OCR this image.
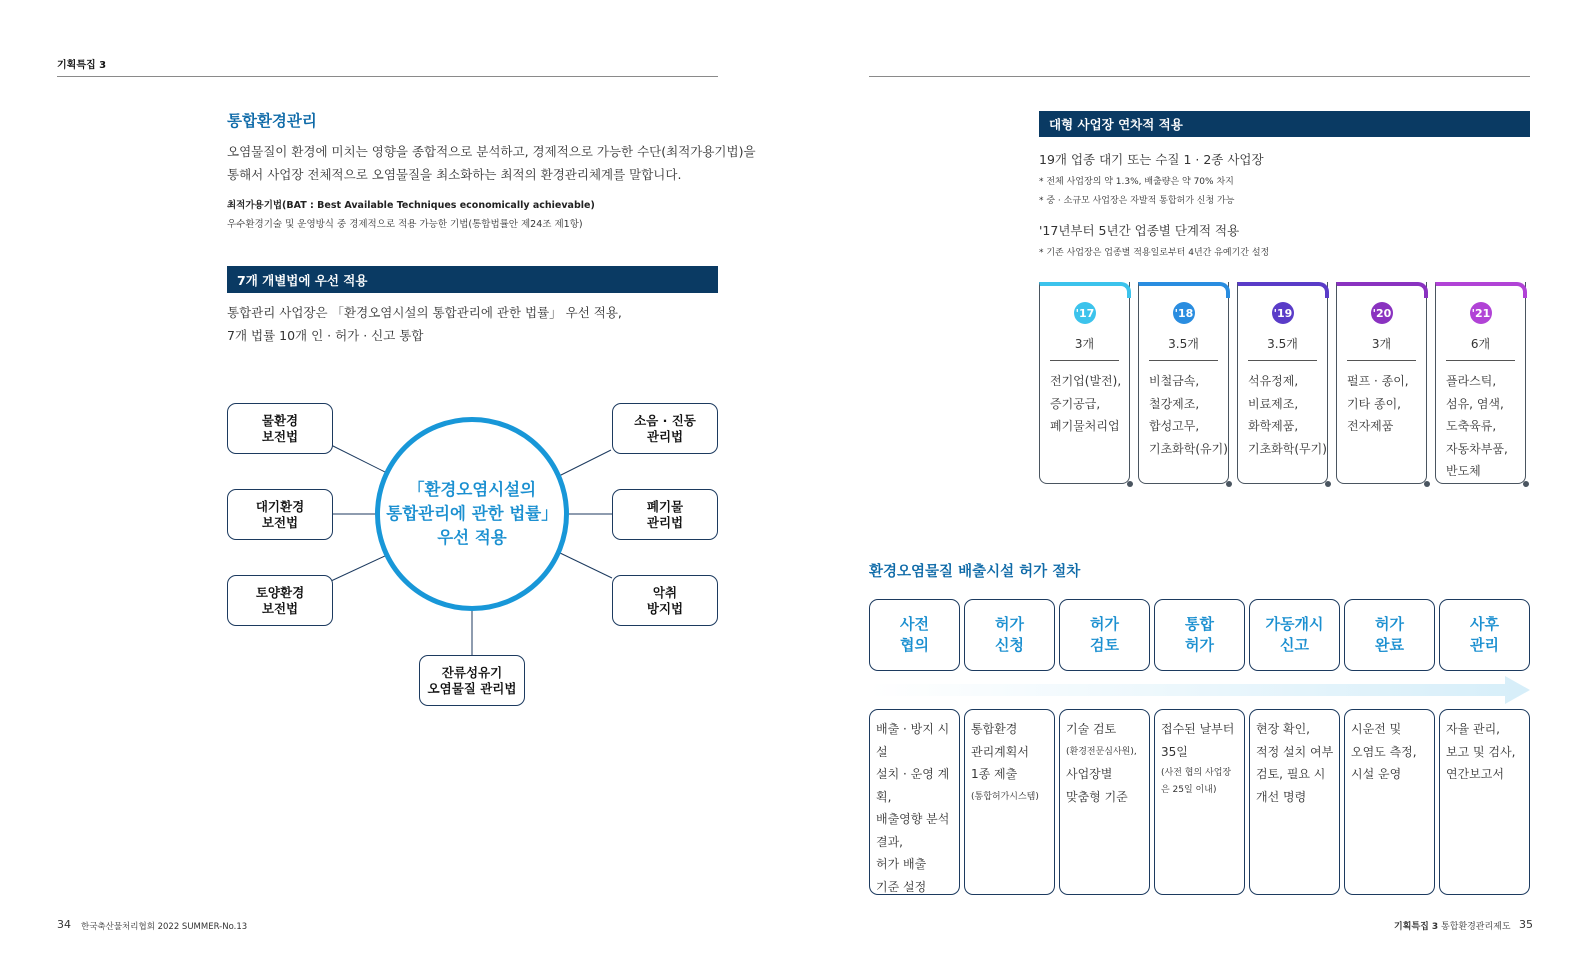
기획특집 3
통합환경관리
오염물질이 환경에 미치는 영향을 종합적으로 분석하고, 경제적으로 가능한 수단(최적가용기법)을
통해서 사업장 전체적으로 오염물질을 최소화하는 최적의 환경관리체계를 말합니다.
최적가용기법(BAT : Best Available Techniques economically achievable)
우수환경기술 및 운영방식 중 경제적으로 적용 가능한 기법(통합법률안 제24조 제1항)
7개 개별법에 우선 적용
통합관리 사업장은 「환경오염시설의 통합관리에 관한 법률」 우선 적용,
7개 법률 10개 인 · 허가 · 신고 통합
물환경
보전법
소음 · 진동
관리법
대기환경
보전법
폐기물
관리법
토양환경
보전법
악취
방지법
잔류성유기
오염물질 관리법
「환경오염시설의
통합관리에 관한 법률」
우선 적용
34 한국축산물처리협회 2022 SUMMER-No.13
대형 사업장 연차적 적용
19개 업종 대기 또는 수질 1 · 2종 사업장
* 전체 사업장의 약 1.3%, 배출량은 약 70% 차지
* 중 · 소규모 사업장은 자발적 통합허가 신청 가능
'17년부터 5년간 업종별 단계적 적용
* 기존 사업장은 업종별 적용일로부터 4년간 유예기간 설정
'17
3개
전기업(발전),
증기공급,
폐기물처리업
'18
3.5개
비철금속,
철강제조,
합성고무,
기초화학(유기)
'19
3.5개
석유정제,
비료제조,
화학제품,
기초화학(무기)
'20
3개
펄프 · 종이,
기타 종이,
전자제품
'21
6개
플라스틱,
섬유, 염색,
도축육류,
자동차부품,
반도체
환경오염물질 배출시설 허가 절차
사전
협의
배출 · 방지 시설
설치 · 운영 계획,
배출영향 분석
결과,
허가 배출
기준 설정
허가
신청
통합환경
관리계획서
1종 제출
(통합허가시스템)
허가
검토
기술 검토
(환경전문심사원),
사업장별
맞춤형 기준
통합
허가
접수된 날부터
35일
(사전 협의 사업장
은 25일 이내)
가동개시
신고
현장 확인,
적정 설치 여부
검토, 필요 시
개선 명령
허가
완료
시운전 및
오염도 측정,
시설 운영
사후
관리
자율 관리,
보고 및 검사,
연간보고서
기획특집 3 통합환경관리제도 35
